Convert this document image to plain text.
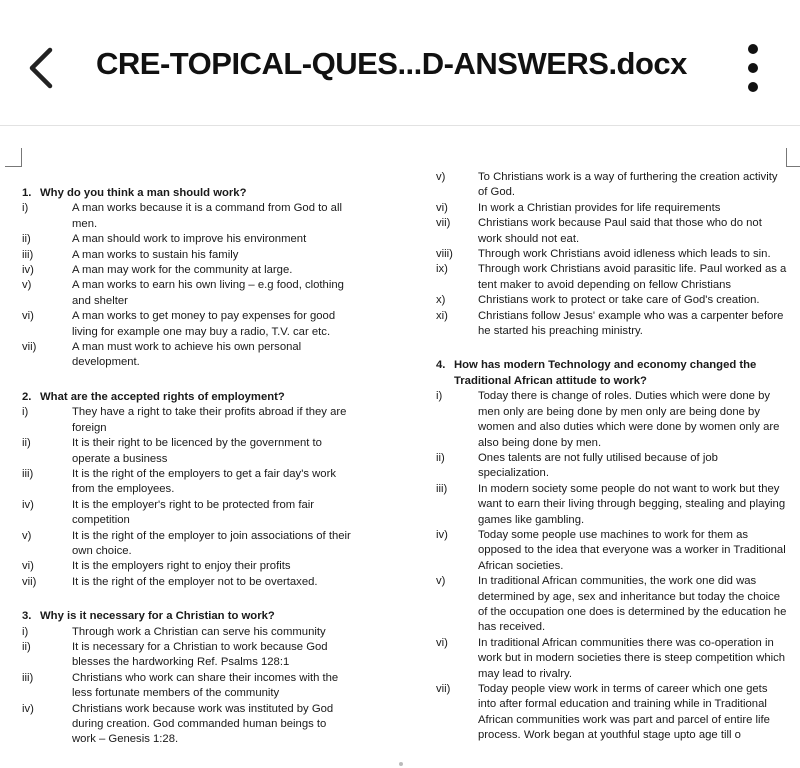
CRE-TOPICAL-QUES...D-ANSWERS.docx
1. Why do you think a man should work?
i)	A man works because it is a command from God to all men.
ii)	A man should work to improve his environment
iii)	A man works to sustain his family
iv)	A man may work for the community at large.
v)	A man works to earn his own living – e.g food, clothing and shelter
vi)	A man works to get money to pay expenses for good living for example one may buy a radio, T.V. car etc.
vii)	A man must work to achieve his own personal development.
2. What are the accepted rights of employment?
i)	They have a right to take their profits abroad if they are foreign
ii)	It is their right to be licenced by the government to operate a business
iii)	It is the right of the employers to get a fair day's work from the employees.
iv)	It is the employer's right to be protected from fair competition
v)	It is the right of the employer to join associations of their own choice.
vi)	It is the employers right to enjoy their profits
vii)	It is the right of the employer not to be overtaxed.
3. Why is it necessary for a Christian to work?
i)	Through work a Christian can serve his community
ii)	It is necessary for a Christian to work because God blesses the hardworking Ref. Psalms 128:1
iii)	Christians who work can share their incomes with the less fortunate members of the community
iv)	Christians work because work was instituted by God during creation. God commanded human beings to work – Genesis 1:28.
v)	To Christians work is a way of furthering the creation activity of God.
vi)	In work a Christian provides for life requirements
vii)	Christians work because Paul said that those who do not work should not eat.
viii)	Through work Christians avoid idleness which leads to sin.
ix)	Through work Christians avoid parasitic life. Paul worked as a tent maker to avoid depending on fellow Christians
x)	Christians work to protect or take care of God's creation.
xi)	Christians follow Jesus' example who was a carpenter before he started his preaching ministry.
4. How has modern Technology and economy changed the Traditional African attitude to work?
i)	Today there is change of roles. Duties which were done by men only are being done by men only are being done by women and also duties which were done by women only are also being done by men.
ii)	Ones talents are not fully utilised because of job specialization.
iii)	In modern society some people do not want to work but they want to earn their living through begging, stealing and playing games like gambling.
iv)	Today some people use machines to work for them as opposed to the idea that everyone was a worker in Traditional African societies.
v)	In traditional African communities, the work one did was determined by age, sex and inheritance but today the choice of the occupation one does is determined by the education he has received.
vi)	In traditional African communities there was co-operation in work but in modern societies there is steep competition which may lead to rivalry.
vii)	Today people view work in terms of career which one gets into after formal education and training while in Traditional African communities work was part and parcel of entire life process. Work began at youthful stage upto age till o
